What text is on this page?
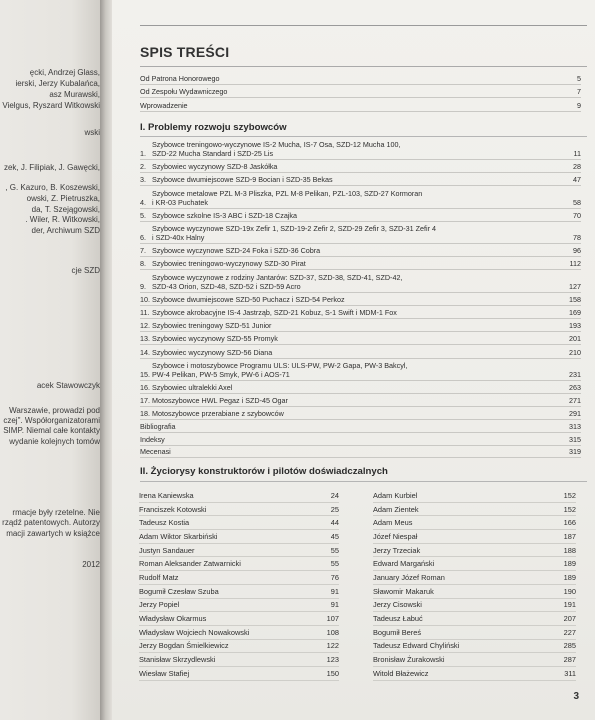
ęcki, Andrzej Glass,
ierski, Jerzy Kubalańca,
asz Murawski,
Vielgus, Ryszard Witkowski
wski
zek, J. Filipiak, J. Gawęcki,
, G. Kazuro, B. Koszewski,
owski, Z. Pietruszka,
da, T. Szejągowski,
. Wiler, R. Witkowski,
der, Archiwum SZD
cje SZD
acek Stawowczyk
Warszawie, prowadzi pod
czej". Współorganizatorami
SIMP. Niemal całe kontakty
wydanie kolejnych tomów
rmacje były rzetelne. Nie
rządź patentowych. Autorzy
macji zawartych w książce
2012
SPIS TREŚCI
Od Patrona Honorowego	5
Od Zespołu Wydawniczego	7
Wprowadzenie	9
I. Problemy rozwoju szybowców
1.
Szybowce treningowo-wyczynowe IS-2 Mucha, IS-7 Osa, SZD-12 Mucha 100,
SZD-22 Mucha Standard i SZD-25 Lis	11
2. Szybowiec wyczynowy SZD-8 Jaskółka	28
3. Szybowce dwumiejscowe SZD-9 Bocian i SZD-35 Bekas	47
4.
Szybowce metalowe PZL M-3 Pliszka, PZL M-8 Pelikan, PZL-103, SZD-27 Kormoran
i KR-03 Puchatek	58
5. Szybowce szkolne IS-3 ABC i SZD-18 Czajka	70
6.
Szybowce wyczynowe SZD-19x Zefir 1, SZD-19-2 Zefir 2, SZD-29 Zefir 3, SZD-31 Zefir 4
i SZD-40x Halny	78
7. Szybowce wyczynowe SZD-24 Foka i SZD-36 Cobra	96
8. Szybowiec treningowo-wyczynowy SZD-30 Pirat	112
9.
Szybowce wyczynowe z rodziny Jantarów: SZD-37, SZD-38, SZD-41, SZD-42,
SZD-43 Orion, SZD-48, SZD-52 i SZD-59 Acro	127
10. Szybowce dwumiejscowe SZD-50 Puchacz i SZD-54 Perkoz	158
11. Szybowce akrobacyjne IS-4 Jastrząb, SZD-21 Kobuz, S-1 Swift i MDM-1 Fox	169
12. Szybowiec treningowy SZD-51 Junior	193
13. Szybowiec wyczynowy SZD-55 Promyk	201
14. Szybowiec wyczynowy SZD-56 Diana	210
15.
Szybowce i motoszybowce Programu ULS: ULS-PW, PW-2 Gapa, PW-3 Bakcyl,
PW-4 Pelikan, PW-5 Smyk, PW-6 i AOS-71	231
16. Szybowiec ultralekki Axel	263
17. Motoszybowce HWL Pegaz i SZD-45 Ogar	271
18. Motoszybowce przerabiane z szybowców	291
Bibliografia	313
Indeksy	315
Mecenasi	319
II. Życiorysy konstruktorów i pilotów doświadczalnych
Irena Kaniewska	24
Franciszek Kotowski	25
Tadeusz Kostia	44
Adam Wiktor Skarbiński	45
Justyn Sandauer	55
Roman Aleksander Zatwarnicki	55
Rudolf Matz	76
Bogumił Czesław Szuba	91
Jerzy Popiel	91
Władysław Okarmus	107
Władysław Wojciech Nowakowski	108
Jerzy Bogdan Śmielkiewicz	122
Stanisław Skrzydlewski	123
Wiesław Stafiej	150
Adam Kurbiel	152
Adam Zientek	152
Adam Meus	166
Józef Niespał	187
Jerzy Trzeciak	188
Edward Margański	189
January Józef Roman	189
Sławomir Makaruk	190
Jerzy Cisowski	191
Tadeusz Łabuć	207
Bogumił Bereś	227
Tadeusz Edward Chyliński	285
Bronisław Żurakowski	287
Witold Błażewicz	311
3
